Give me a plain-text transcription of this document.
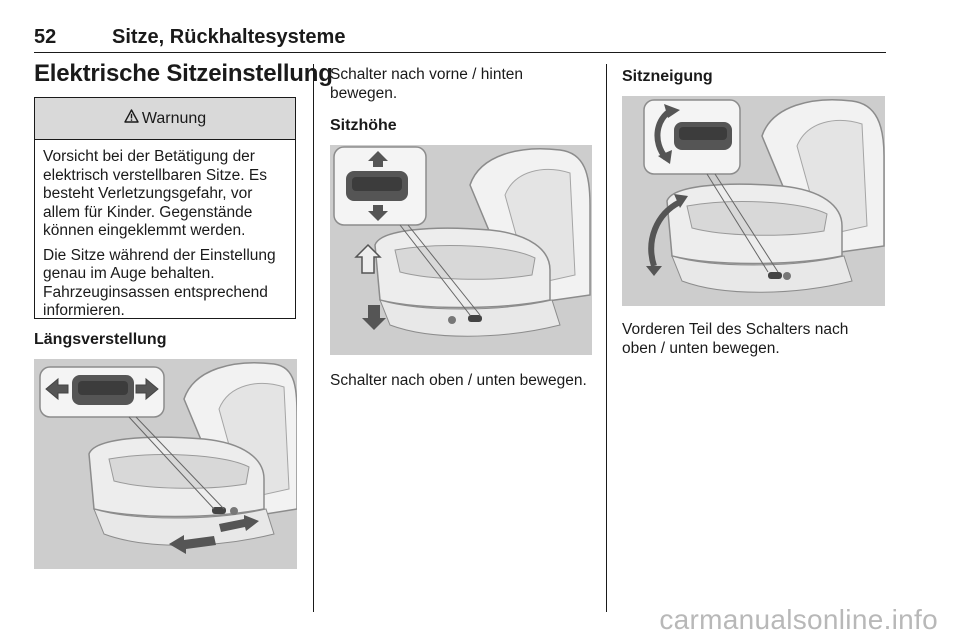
52	Sitze, Rückhaltesysteme
Elektrische Sitzeinstellung
Warnung

Vorsicht bei der Betätigung der elektrisch verstellbaren Sitze. Es besteht Verletzungsgefahr, vor allem für Kinder. Gegenstände können eingeklemmt werden.

Die Sitze während der Einstellung genau im Auge behalten. Fahrzeuginsassen entsprechend informieren.

Längsverstellung

Schalter nach vorne / hinten bewegen.

Sitzhöhe

Schalter nach oben / unten bewegen.

Sitzneigung

Vorderen Teil des Schalters nach oben / unten bewegen.

carmanualsonline.info
